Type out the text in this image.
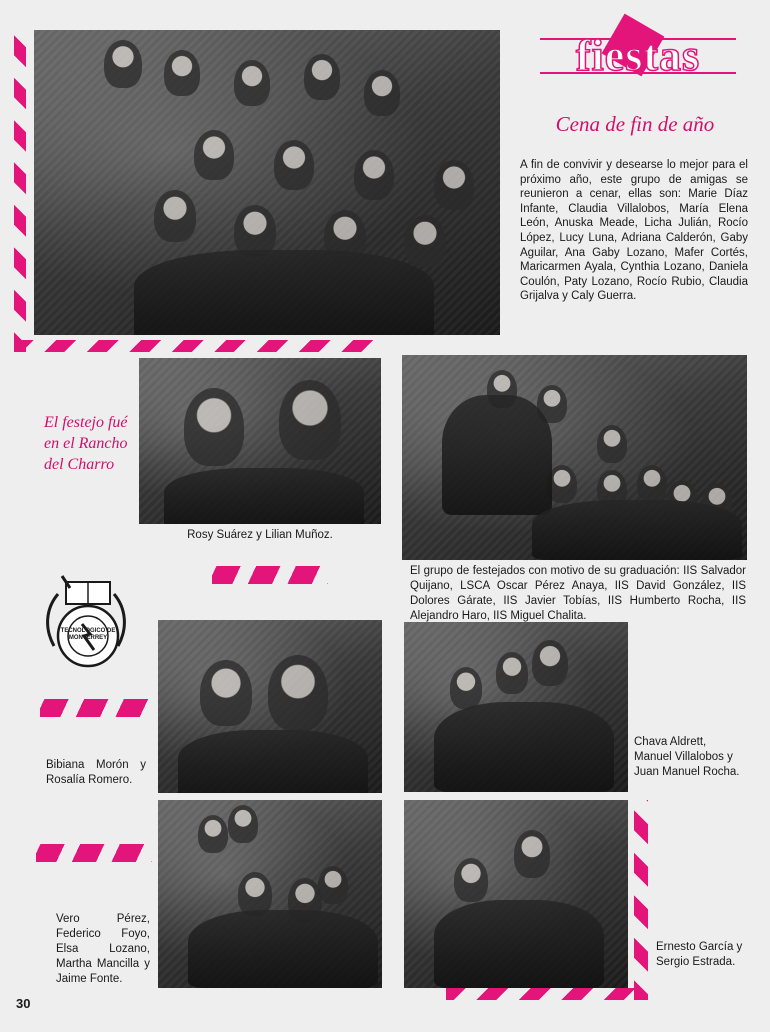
fiestas
Cena de fin de año
A fin de convivir y desearse lo mejor para el próximo año, este grupo de amigas se reunieron a cenar, ellas son: Marie Díaz Infante, Claudia Villalobos, María Elena León, Anuska Meade, Licha Julián, Rocío López, Lucy Luna, Adriana Calderón, Gaby Aguilar, Ana Gaby Lozano, Mafer Cortés, Maricarmen Ayala, Cynthia Lozano, Daniela Coulón, Paty Lozano, Rocío Rubio, Claudia Grijalva y Caly Guerra.
Rosy Suárez y Lilian Muñoz.
El festejo fué en el Rancho del Charro
El grupo de festejados con motivo de su graduación: IIS Salvador Quijano, LSCA Oscar Pérez Anaya, IIS David González, IIS Dolores Gárate, IIS Javier Tobías, IIS Humberto Rocha, IIS Alejandro Haro, IIS Miguel Chalita.
TECNOLOGICO DE MONTERREY
Bibiana Morón y Rosalía Romero.
Chava Aldrett, Manuel Villalobos y Juan Manuel Rocha.
Vero Pérez, Federico Foyo, Elsa Lozano, Martha Mancilla y Jaime Fonte.
Ernesto García y Sergio Estrada.
30
